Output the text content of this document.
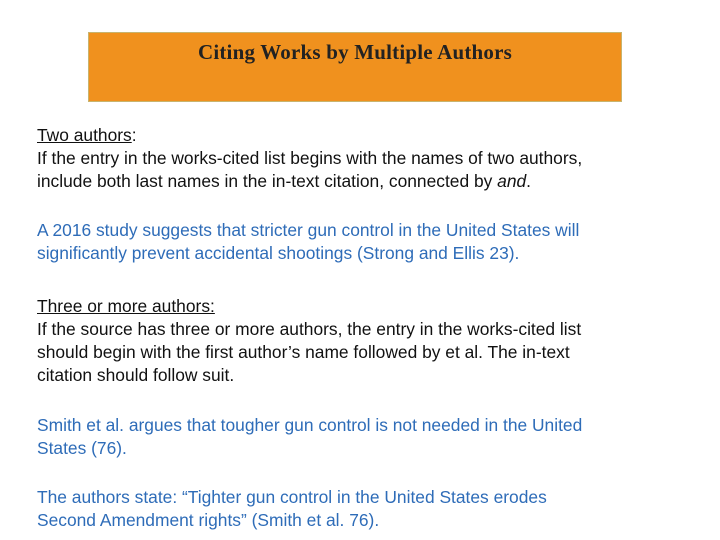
Citing Works by Multiple Authors
Two authors:
If the entry in the works-cited list begins with the names of two authors,
include both last names in the in-text citation, connected by and.
A 2016 study suggests that stricter gun control in the United States will
significantly prevent accidental shootings (Strong and Ellis 23).
Three or more authors:
If the source has three or more authors, the entry in the works-cited list
should begin with the first author’s name followed by et al. The in-text
citation should follow suit.
Smith et al. argues that tougher gun control is not needed in the United
States (76).
The authors state: “Tighter gun control in the United States erodes
Second Amendment rights” (Smith et al. 76).
